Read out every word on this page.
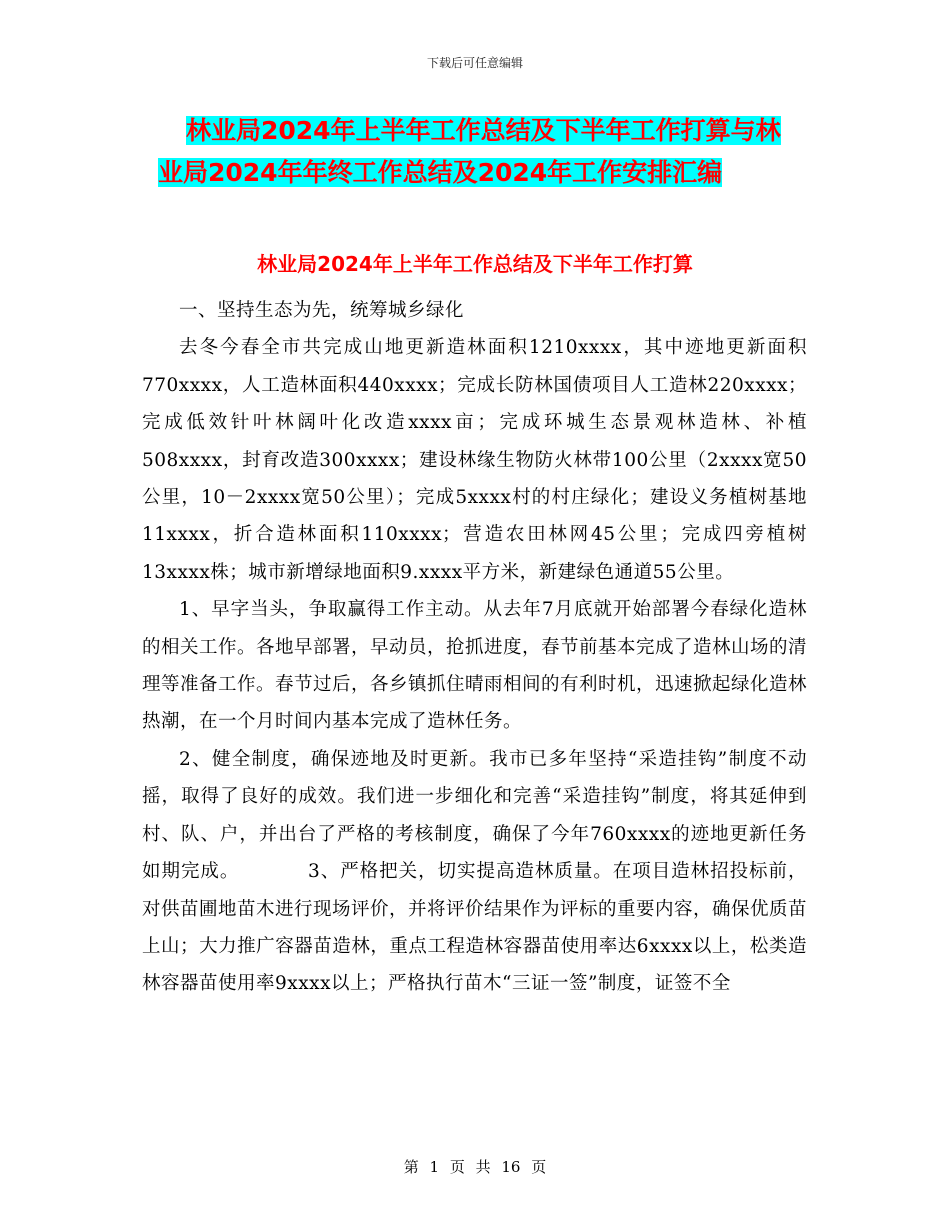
下载后可任意编辑
林业局2024年上半年工作总结及下半年工作打算与林
业局2024年年终工作总结及2024年工作安排汇编
林业局2024年上半年工作总结及下半年工作打算

一、坚持生态为先，统筹城乡绿化

去冬今春全市共完成山地更新造林面积1210xxxx，其中迹地更新面积770xxxx，人工造林面积440xxxx；完成长防林国债项目人工造林220xxxx；完成低效针叶林阔叶化改造xxxx亩；完成环城生态景观林造林、补植508xxxx，封育改造300xxxx；建设林缘生物防火林带100公里（2xxxx宽50公里，10－2xxxx宽50公里）；完成5xxxx村的村庄绿化；建设义务植树基地11xxxx，折合造林面积110xxxx；营造农田林网45公里；完成四旁植树13xxxx株；城市新增绿地面积9.xxxx平方米，新建绿色通道55公里。

1、早字当头，争取赢得工作主动。从去年7月底就开始部署今春绿化造林的相关工作。各地早部署，早动员，抢抓进度，春节前基本完成了造林山场的清理等准备工作。春节过后，各乡镇抓住晴雨相间的有利时机，迅速掀起绿化造林热潮，在一个月时间内基本完成了造林任务。

2、健全制度，确保迹地及时更新。我市已多年坚持“采造挂钩”制度不动摇，取得了良好的成效。我们进一步细化和完善“采造挂钩”制度，将其延伸到村、队、户，并出台了严格的考核制度，确保了今年760xxxx的迹地更新任务如期完成。　　　　3、严格把关，切实提高造林质量。在项目造林招投标前，对供苗圃地苗木进行现场评价，并将评价结果作为评标的重要内容，确保优质苗上山；大力推广容器苗造林，重点工程造林容器苗使用率达6xxxx以上，松类造林容器苗使用率9xxxx以上；严格执行苗木“三证一签”制度，证签不全

第 1 页 共 16 页
